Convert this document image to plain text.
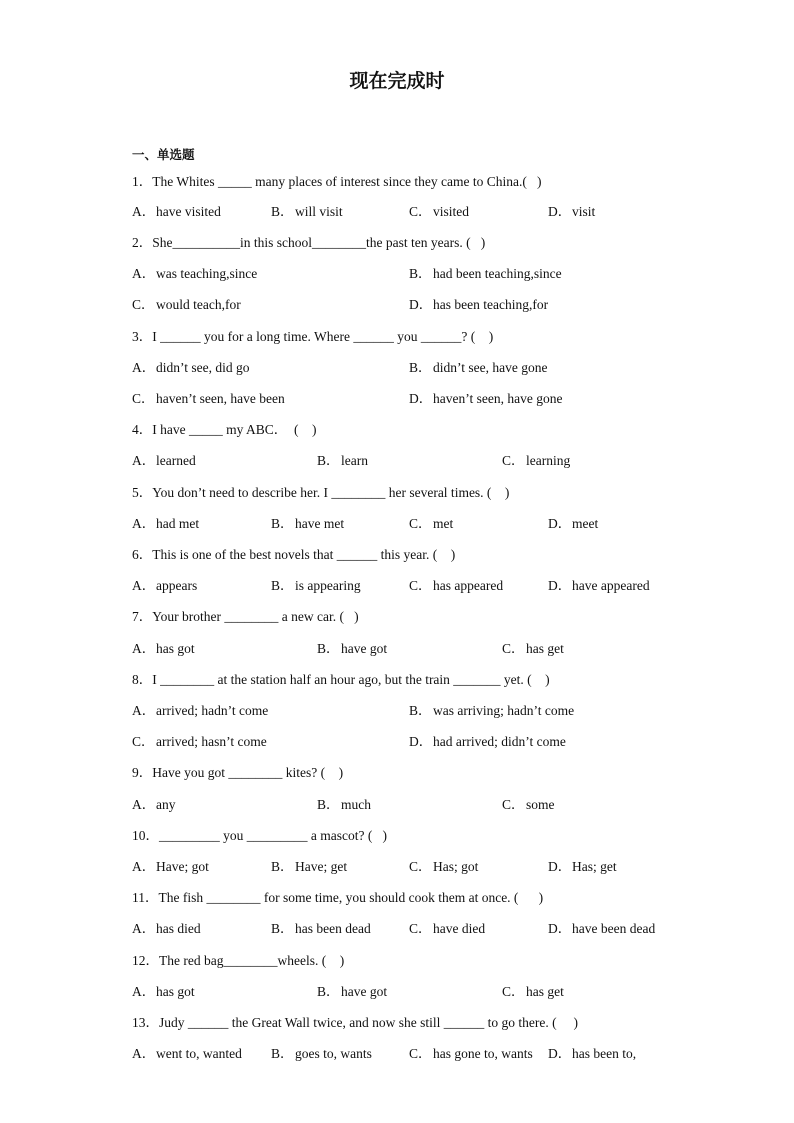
现在完成时
一、单选题
1．The Whites _____ many places of interest since they came to China.(   )
A．have visited	B．will visit	C．visited	D．visit
2．She__________in this school________the past ten years. (   )
A．was teaching,since	B．had been teaching,since
C．would teach,for	D．has been teaching,for
3．I ______ you for a long time. Where ______ you ______? (    )
A．didn’t see, did go	B．didn’t see, have gone
C．haven’t seen, have been	D．haven’t seen, have gone
4．I have _____ my ABC．  (    )
A．learned	B．learn	C．learning
5．You don’t need to describe her. I ________ her several times. (    )
A．had met	B．have met	C．met	D．meet
6．This is one of the best novels that ______ this year. (    )
A．appears	B．is appearing	C．has appeared	D．have appeared
7．Your brother ________ a new car. (   )
A．has got	B．have got	C．has get
8．I ________ at the station half an hour ago, but the train _______ yet. (    )
A．arrived; hadn’t come	B．was arriving; hadn’t come
C．arrived; hasn’t come	D．had arrived; didn’t come
9．Have you got ________ kites? (    )
A．any	B．much	C．some
10．_________ you _________ a mascot? (   )
A．Have; got	B．Have; get	C．Has; got	D．Has; get
11．The fish ________ for some time, you should cook them at once. (      )
A．has died	B．has been dead	C．have died	D．have been dead
12．The red bag________wheels. (    )
A．has got	B．have got	C．has get
13．Judy ______ the Great Wall twice, and now she still ______ to go there. (     )
A．went to, wanted B．goes to, wants	C．has gone to, wants D．has been to,
